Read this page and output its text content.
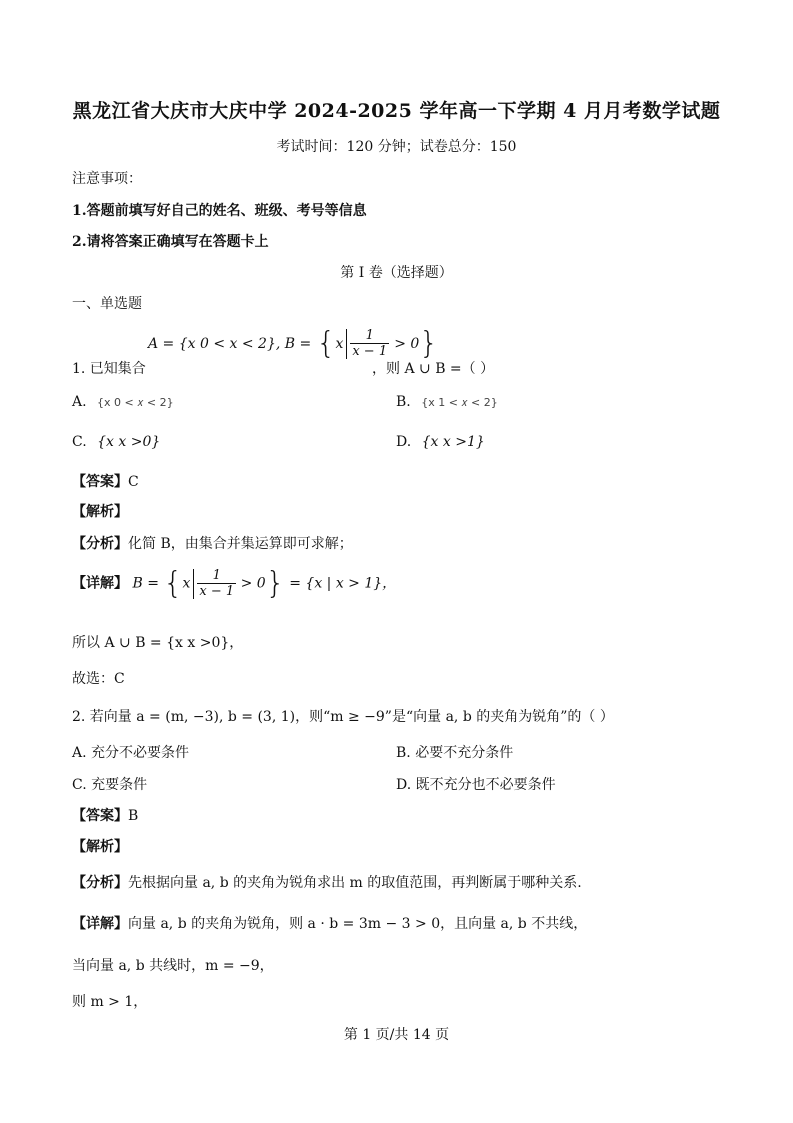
黑龙江省大庆市大庆中学 2024-2025 学年高一下学期 4 月月考数学试题
考试时间：120 分钟；试卷总分：150
注意事项：
1.答题前填写好自己的姓名、班级、考号等信息
2.请将答案正确填写在答题卡上
第 I 卷（选择题）
一、单选题
A = {x 0 < 𝑥 < 2}, $B = \{x \frac{1}{x - 1} > 0\}$
1. 已知集合	，则 A ∪ B =（ ）
A. {x 0 < 𝑥 < 2}	B. {x 1 < 𝑥 < 2}
C. {x x >0}	D. {x x >1}
【答案】C
【解析】
【分析】化简 B，由集合并集运算即可求解；
【详解】 $B = \{x \frac{1}{x - 1} > 0\} = \{x$ | x > 1}，
所以 A ∪ B = {x x >0}，
故选：C
2. 若向量 a = (m, −3), b = (3, 1)，则“m ≥ −9”是“向量 a, b 的夹角为锐角”的（ ）
A. 充分不必要条件	B. 必要不充分条件
C. 充要条件	D. 既不充分也不必要条件
【答案】B
【解析】
【分析】先根据向量 a, b 的夹角为锐角求出 m 的取值范围，再判断属于哪种关系.
【详解】向量 a, b 的夹角为锐角，则 a · b = 3m − 3 > 0，且向量 a, b 不共线，
当向量 a, b 共线时，m = −9，
则 m > 1，
第 1 页/共 14 页
